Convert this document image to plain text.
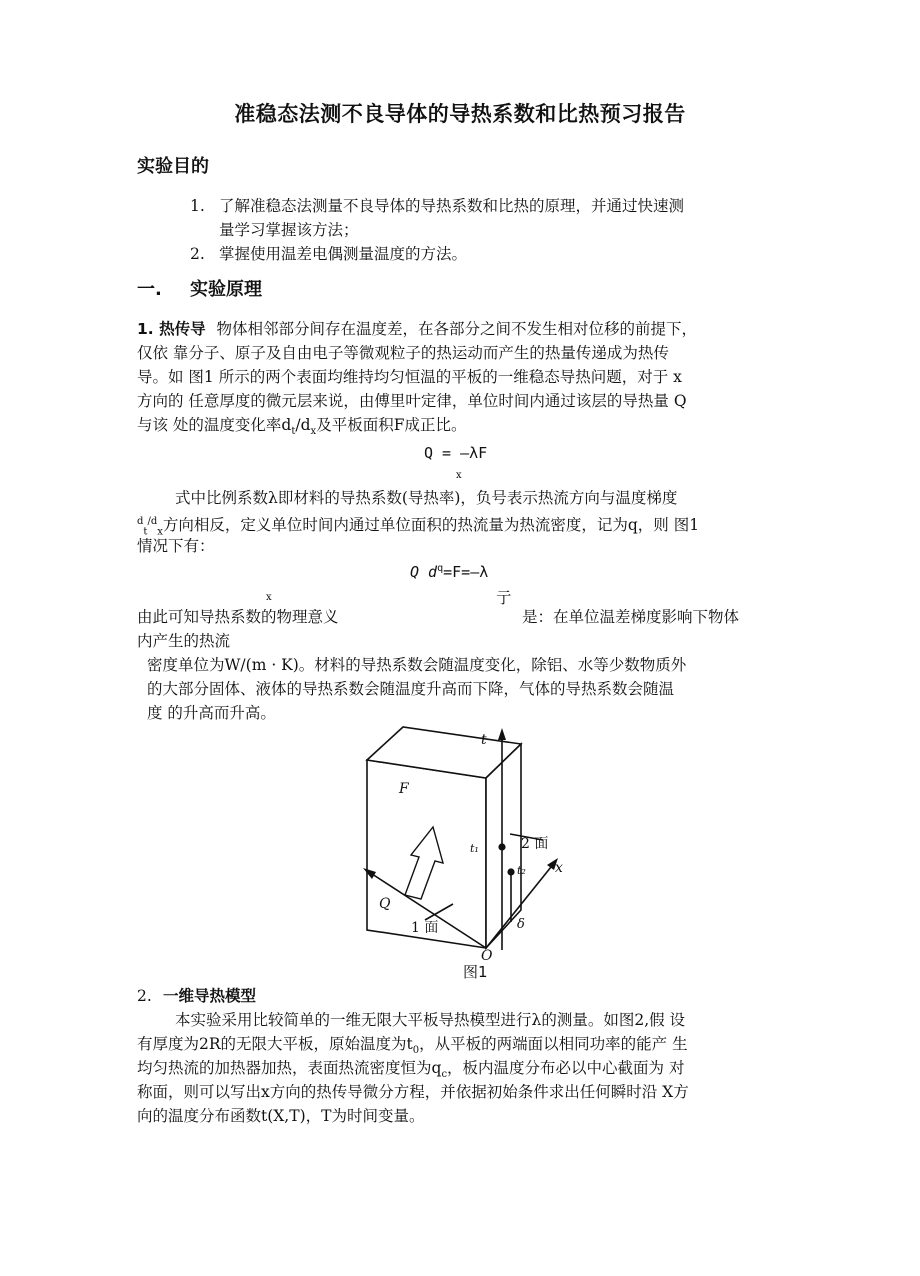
准稳态法测不良导体的导热系数和比热预习报告
实验目的
1. 了解准稳态法测量不良导体的导热系数和比热的原理，并通过快速测
量学习掌握该方法；
2. 掌握使用温差电偶测量温度的方法。
一. 实验原理
1. 热传导 物体相邻部分间存在温度差，在各部分之间不发生相对位移的前提下，
仅依 靠分子、原子及自由电子等微观粒子的热运动而产生的热量传递成为热传
导。如 图1 所示的两个表面均维持均匀恒温的平板的一维稳态导热问题，对于 x
方向的 任意厚度的微元层来说，由傅里叶定律，单位时间内通过该层的导热量 Q
与该 处的温度变化率$d_t/d_x$及平板面积F成正比。
Q = —λF
x
式中比例系数λ即材料的导热系数(导热率)，负号表示热流方向与温度梯度
$^d_t^{/d}_x$方向相反，定义单位时间内通过单位面积的热流量为热流密度，记为q，则 图1
情况下有：
Q $d^q=F=—\lambda$
x	亍
由此可知导热系数的物理意义	是：在单位温差梯度影响下物体
内产生的热流
密度单位为W/(m · K)。材料的导热系数会随温度变化，除铝、水等少数物质外
的大部分固体、液体的导热系数会随温度升高而下降，气体的导热系数会随温
度 的升高而升高。
t
F
t₁
t₂
2 面
x
Q
δ
1 面
O
图1
2. 一维导热模型
本实验采用比较简单的一维无限大平板导热模型进行λ的测量。如图2,假 设
有厚度为2R的无限大平板，原始温度为$t_0$，从平板的两端面以相同功率的能产 生
均匀热流的加热器加热，表面热流密度恒为$q_c$，板内温度分布必以中心截面为 对
称面，则可以写出x方向的热传导微分方程，并依据初始条件求出任何瞬时沿 X方
向的温度分布函数t(X,T)，T为时间变量。
